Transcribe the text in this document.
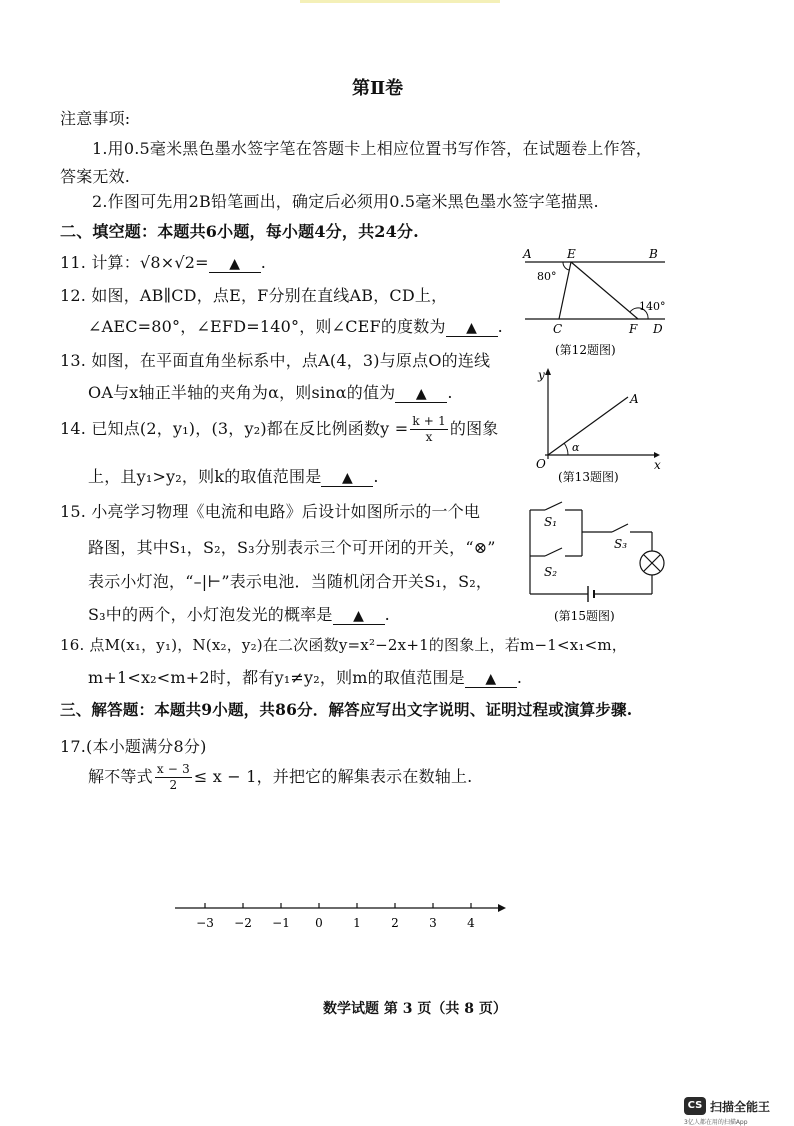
第Ⅱ卷
注意事项:
1.用0.5毫米黑色墨水签字笔在答题卡上相应位置书写作答，在试题卷上作答，
答案无效.
2.作图可先用2B铅笔画出，确定后必须用0.5毫米黑色墨水签字笔描黑.
二、填空题：本题共6小题，每小题4分，共24分.
11. 计算：√8×√2= ▲ .
12. 如图，AB∥CD，点E，F分别在直线AB，CD上，
∠AEC=80°，∠EFD=140°，则∠CEF的度数为 ▲ .
13. 如图，在平面直角坐标系中，点A(4，3)与原点O的连线
OA与x轴正半轴的夹角为α，则sinα的值为 ▲ .
14. 已知点(2，y₁)，(3，y₂)都在反比例函数$y = \frac{k + 1}{x}$ 的图象
上，且y₁>y₂，则k的取值范围是 ▲ .
15. 小亮学习物理《电流和电路》后设计如图所示的一个电
路图，其中S₁，S₂，S₃分别表示三个可开闭的开关，“⊗”
表示小灯泡，“–|⊢”表示电池．当随机闭合开关S₁，S₂，
S₃中的两个，小灯泡发光的概率是 ▲ .
16. 点M(x₁，y₁)，N(x₂，y₂)在二次函数y=x²−2x+1的图象上，若m−1<x₁<m，
m+1<x₂<m+2时，都有y₁≠y₂，则m的取值范围是 ▲ .
三、解答题：本题共9小题，共86分．解答应写出文字说明、证明过程或演算步骤.
17.(本小题满分8分)
解不等式 $\frac{x - 3}{2} \le x - 1$，并把它的解集表示在数轴上.
A	E	B
80°
140°
C	F D
(第12题图)
y
A
α
O	x
(第13题图)
S₁
S₂
S₃
(第15题图)
−3 −2 −1 0	1	2	3	4
数学试题 第 3 页（共 8 页）
CS 扫描全能王
3亿人都在用的扫描App
